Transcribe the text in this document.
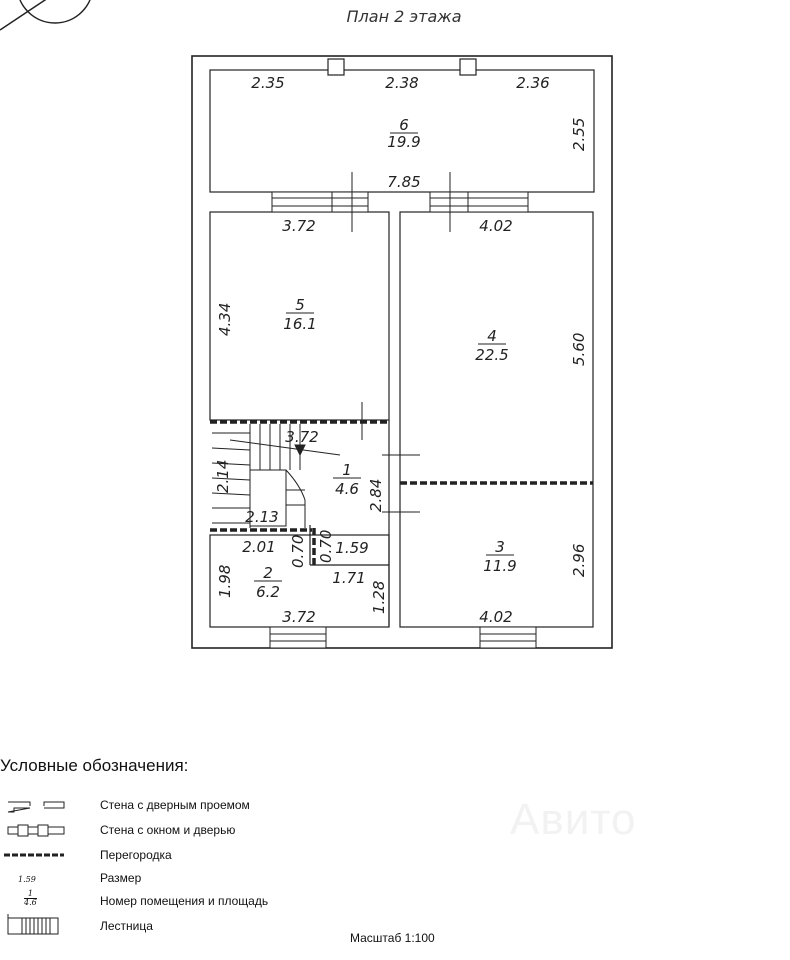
Авито
План 2 этажа
6
19.9
5
16.1
4
22.5
1
4.6
3
11.9
2
6.2
2.35	2.38	2.36
2.55
7.85
3.72	4.02
4.34
5.60
3.72
2.14
2.13
2.84
2.01 0.70 0.70 1.59
1.71
1.98
3.72
1.28
2.96
4.02
Условные обозначения:
1.59
1
4.6
Стена с дверным проемом
Стена с окном и дверью
Перегородка
Размер
Номер помещения и площадь
Лестница
Масштаб 1:100
